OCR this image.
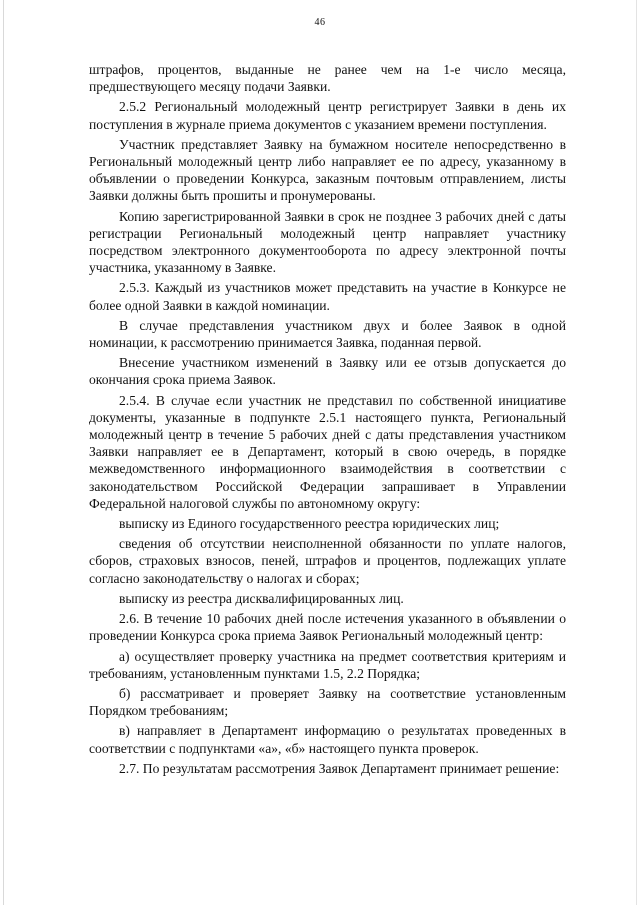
46

штрафов, процентов, выданные не ранее чем на 1-е число месяца, предшествующего месяцу подачи Заявки.

2.5.2 Региональный молодежный центр регистрирует Заявки в день их поступления в журнале приема документов с указанием времени поступления.

Участник представляет Заявку на бумажном носителе непосредственно в Региональный молодежный центр либо направляет ее по адресу, указанному в объявлении о проведении Конкурса, заказным почтовым отправлением, листы Заявки должны быть прошиты и пронумерованы.

Копию зарегистрированной Заявки в срок не позднее 3 рабочих дней с даты регистрации Региональный молодежный центр направляет участнику посредством электронного документооборота по адресу электронной почты участника, указанному в Заявке.

2.5.3. Каждый из участников может представить на участие в Конкурсе не более одной Заявки в каждой номинации.

В случае представления участником двух и более Заявок в одной номинации, к рассмотрению принимается Заявка, поданная первой.

Внесение участником изменений в Заявку или ее отзыв допускается до окончания срока приема Заявок.

2.5.4. В случае если участник не представил по собственной инициативе документы, указанные в подпункте 2.5.1 настоящего пункта, Региональный молодежный центр в течение 5 рабочих дней с даты представления участником Заявки направляет ее в Департамент, который в свою очередь, в порядке межведомственного информационного взаимодействия в соответствии с законодательством Российской Федерации запрашивает в Управлении Федеральной налоговой службы по автономному округу:

выписку из Единого государственного реестра юридических лиц;

сведения об отсутствии неисполненной обязанности по уплате налогов, сборов, страховых взносов, пеней, штрафов и процентов, подлежащих уплате согласно законодательству о налогах и сборах;

выписку из реестра дисквалифицированных лиц.

2.6. В течение 10 рабочих дней после истечения указанного в объявлении о проведении Конкурса срока приема Заявок Региональный молодежный центр:

а) осуществляет проверку участника на предмет соответствия критериям и требованиям, установленным пунктами 1.5, 2.2 Порядка;

б) рассматривает и проверяет Заявку на соответствие установленным Порядком требованиям;

в) направляет в Департамент информацию о результатах проведенных в соответствии с подпунктами «а», «б» настоящего пункта проверок.

2.7. По результатам рассмотрения Заявок Департамент принимает решение:
